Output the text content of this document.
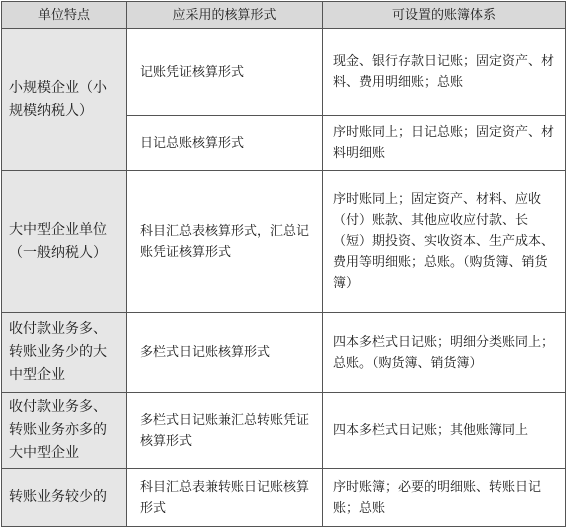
单位特点	应采用的核算形式	可设置的账簿体系
小规模企业（小规模纳税人）	记账凭证核算形式	现金、银行存款日记账；固定资产、材料、费用明细账；总账
	日记总账核算形式	序时账同上；日记总账；固定资产、材料明细账
大中型企业单位（一般纳税人）	科目汇总表核算形式，汇总记账凭证核算形式	序时账同上；固定资产、材料、应收（付）账款、其他应收应付款、长（短）期投资、实收资本、生产成本、费用等明细账；总账。（购货簿、销货簿）
收付款业务多、转账业务少的大中型企业	多栏式日记账核算形式	四本多栏式日记账；明细分类账同上；总账。（购货簿、销货簿）
收付款业务多、转账业务亦多的大中型企业	多栏式日记账兼汇总转账凭证核算形式	四本多栏式日记账；其他账簿同上
转账业务较少的	科目汇总表兼转账日记账核算形式	序时账簿；必要的明细账、转账日记账；总账
